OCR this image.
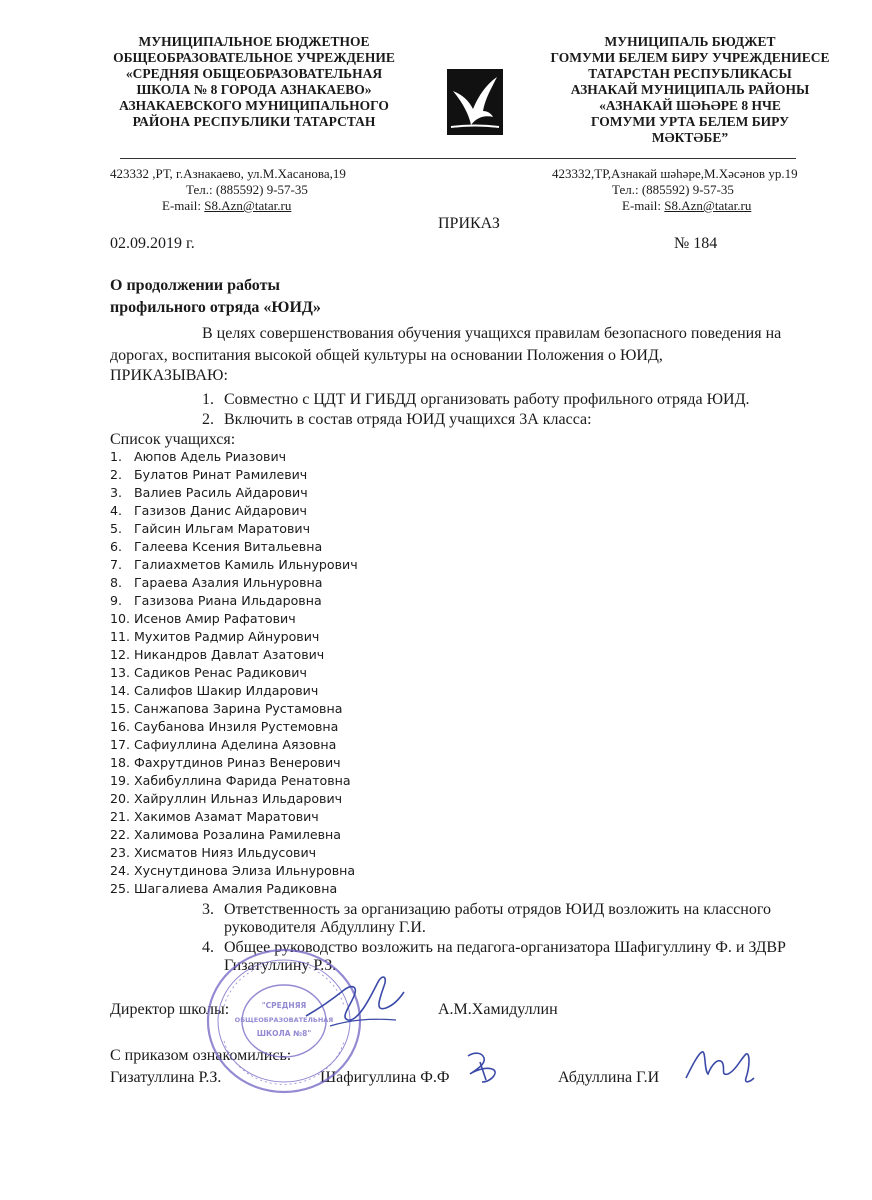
МУНИЦИПАЛЬНОЕ БЮДЖЕТНОЕ
ОБЩЕОБРАЗОВАТЕЛЬНОЕ УЧРЕЖДЕНИЕ
«СРЕДНЯЯ ОБЩЕОБРАЗОВАТЕЛЬНАЯ
ШКОЛА № 8 ГОРОДА АЗНАКАЕВО»
АЗНАКАЕВСКОГО МУНИЦИПАЛЬНОГО
РАЙОНА РЕСПУБЛИКИ ТАТАРСТАН
МУНИЦИПАЛЬ БЮДЖЕТ
ГОМУМИ БЕЛЕМ БИРУ УЧРЕЖДЕНИЕСЕ
ТАТАРСТАН РЕСПУБЛИКАСЫ
АЗНАКАЙ МУНИЦИПАЛЬ РАЙОНЫ
«АЗНАКАЙ ШӘҺӘРЕ 8 НЧЕ
ГОМУМИ УРТА БЕЛЕМ БИРУ
МӘКТӘБЕ”
423332 ,РТ, г.Азнакаево, ул.М.Хасанова,19
Тел.: (885592) 9-57-35
E-mail: S8.Azn@tatar.ru
423332,ТР,Азнакай шәһәре,М.Хәсәнов ур.19
Тел.: (885592) 9-57-35
E-mail: S8.Azn@tatar.ru
ПРИКАЗ
02.09.2019 г.	№ 184
О продолжении работы
профильного отряда «ЮИД»
В целях совершенствования обучения учащихся правилам безопасного поведения на
дорогах, воспитания высокой общей культуры на основании Положения о ЮИД,
ПРИКАЗЫВАЮ:
1. Совместно с ЦДТ И ГИБДД организовать работу профильного отряда ЮИД.
2. Включить в состав отряда ЮИД учащихся 3А класса:
Список учащихся:
1. Аюпов Адель Риазович
2. Булатов Ринат Рамилевич
3. Валиев Расиль Айдарович
4. Газизов Данис Айдарович
5. Гайсин Ильгам Маратович
6. Галеева Ксения Витальевна
7. Галиахметов Камиль Ильнурович
8. Гараева Азалия Ильнуровна
9. Газизова Риана Ильдаровна
10. Исенов Амир Рафатович
11. Мухитов Радмир Айнурович
12. Никандров Давлат Азатович
13. Садиков Ренас Радикович
14. Салифов Шакир Илдарович
15. Санжапова Зарина Рустамовна
16. Саубанова Инзиля Рустемовна
17. Сафиуллина Аделина Аязовна
18. Фахрутдинов Риназ Венерович
19. Хабибуллина Фарида Ренатовна
20. Хайруллин Ильназ Ильдарович
21. Хакимов Азамат Маратович
22. Халимова Розалина Рамилевна
23. Хисматов Нияз Ильдусович
24. Хуснутдинова Элиза Ильнуровна
25. Шагалиева Амалия Радиковна
3. Ответственность за организацию работы отрядов ЮИД возложить на классного
руководителя Абдуллину Г.И.
4. Общее руководство возложить на педагога-организатора Шафигуллину Ф. и ЗДВР
Гизатуллину Р.З.
Директор школы:	А.М.Хамидуллин
С приказом ознакомились:
Гизатуллина Р.З.	Шафигуллина Ф.Ф	Абдуллина Г.И
"СРЕДНЯЯ
ОБЩЕОБРАЗОВАТЕЛЬНАЯ
ШКОЛА №8"
